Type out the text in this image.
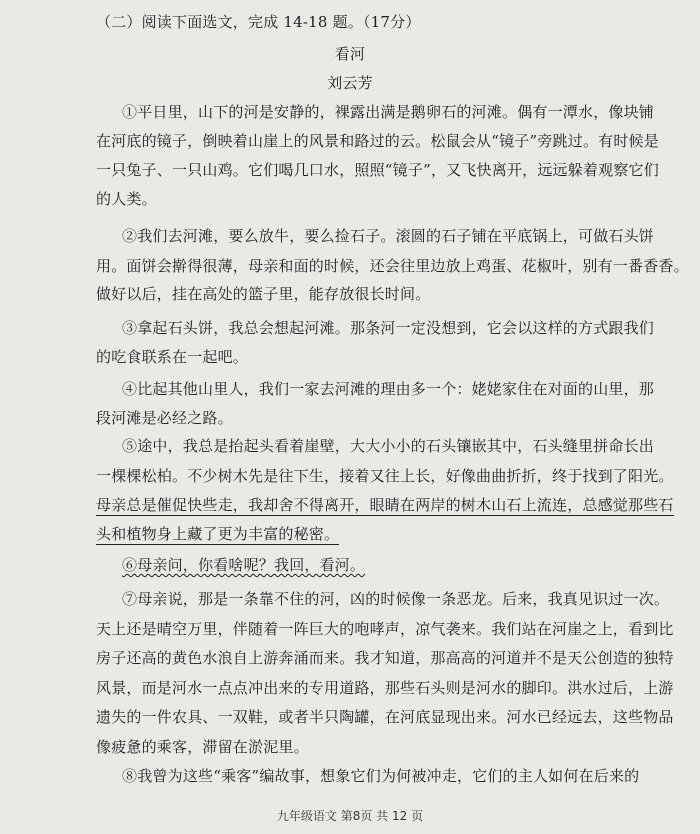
（二）阅读下面选文，完成 14-18 题。（17分）
看河
刘云芳
①平日里，山下的河是安静的，裸露出满是鹅卵石的河滩。偶有一潭水，像块铺
在河底的镜子，倒映着山崖上的风景和路过的云。松鼠会从“镜子”旁跳过。有时候是
一只兔子、一只山鸡。它们喝几口水，照照“镜子”，又飞快离开，远远躲着观察它们
的人类。
②我们去河滩，要么放牛，要么捡石子。滚圆的石子铺在平底锅上，可做石头饼
用。面饼会擀得很薄，母亲和面的时候，还会往里边放上鸡蛋、花椒叶，别有一番香香。
做好以后，挂在高处的篮子里，能存放很长时间。
③拿起石头饼，我总会想起河滩。那条河一定没想到，它会以这样的方式跟我们
的吃食联系在一起吧。
④比起其他山里人，我们一家去河滩的理由多一个：姥姥家住在对面的山里，那
段河滩是必经之路。
⑤途中，我总是抬起头看着崖壁，大大小小的石头镶嵌其中，石头缝里拼命长出
一棵棵松柏。不少树木先是往下生，接着又往上长，好像曲曲折折，终于找到了阳光。
母亲总是催促快些走，我却舍不得离开，眼睛在两岸的树木山石上流连，总感觉那些石
头和植物身上藏了更为丰富的秘密。
⑥母亲问，你看啥呢？我回，看河。
⑦母亲说，那是一条靠不住的河，凶的时候像一条恶龙。后来，我真见识过一次。
天上还是晴空万里，伴随着一阵巨大的咆哮声，凉气袭来。我们站在河崖之上，看到比
房子还高的黄色水浪自上游奔涌而来。我才知道，那高高的河道并不是天公创造的独特
风景，而是河水一点点冲出来的专用道路，那些石头则是河水的脚印。洪水过后，上游
遗失的一件农具、一双鞋，或者半只陶罐，在河底显现出来。河水已经远去，这些物品
像疲惫的乘客，滞留在淤泥里。
⑧我曾为这些“乘客”编故事，想象它们为何被冲走，它们的主人如何在后来的
九年级语文 第8页 共 12 页
